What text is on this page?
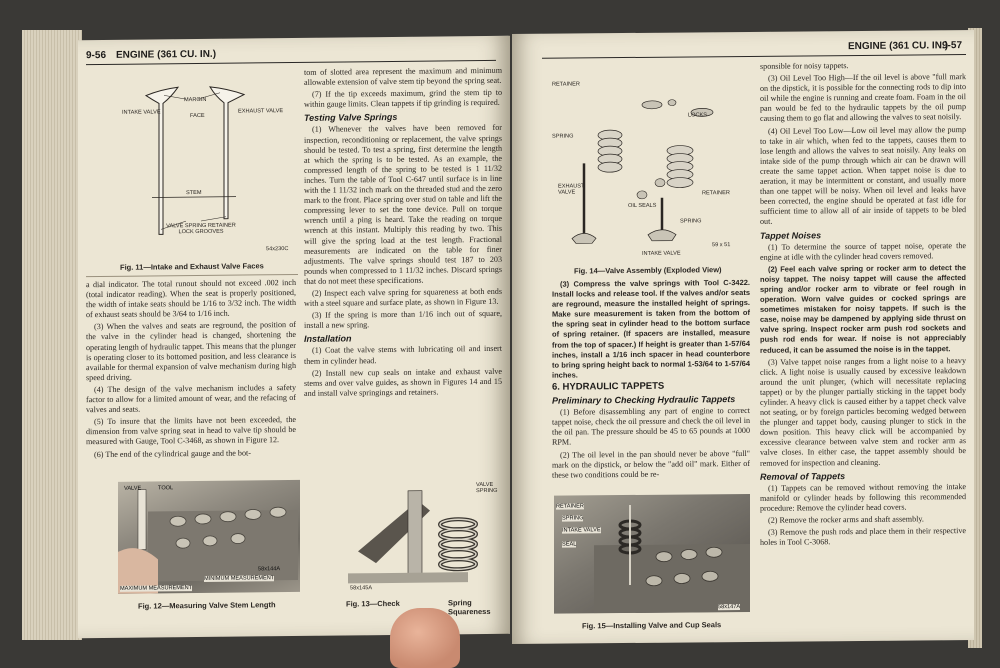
9-56 ENGINE (361 CU. IN.)
INTAKE VALVE
MARGIN
EXHAUST VALVE
FACE
STEM
VALVE SPRING RETAINER LOCK GROOVES
54x230C
Fig. 11—Intake and Exhaust Valve Faces

a dial indicator. The total runout should not exceed .002 inch (total indicator reading). When the seat is properly positioned, the width of intake seats should be 1/16 to 3/32 inch. The width of exhaust seats should be 3/64 to 1/16 inch.

(3) When the valves and seats are reground, the position of the valve in the cylinder head is changed, shortening the operating length of hydraulic tappet. This means that the plunger is operating closer to its bottomed position, and less clearance is available for thermal expansion of valve mechanism during high speed driving.

(4) The design of the valve mechanism includes a safety factor to allow for a limited amount of wear, and the refacing of valves and seats.

(5) To insure that the limits have not been exceeded, the dimension from valve spring seat in head to valve tip should be measured with Gauge, Tool C-3468, as shown in Figure 12.

(6) The end of the cylindrical gauge and the bot-

tom of slotted area represent the maximum and minimum allowable extension of valve stem tip beyond the spring seat.

(7) If the tip exceeds maximum, grind the stem tip to within gauge limits. Clean tappets if tip grinding is required.

Testing Valve Springs

(1) Whenever the valves have been removed for inspection, reconditioning or replacement, the valve springs should be tested. To test a spring, first determine the length at which the spring is to be tested. As an example, the compressed length of the spring to be tested is 1 11/32 inches. Turn the table of Tool C-647 until surface is in line with the 1 11/32 inch mark on the threaded stud and the zero mark to the front. Place spring over stud on table and lift the compressing lever to set the tone device. Pull on torque wrench until a ping is heard. Take the reading on torque wrench at this instant. Multiply this reading by two. This will give the spring load at the test length. Fractional measurements are indicated on the table for finer adjustments. The valve springs should test 187 to 203 pounds when compressed to 1 11/32 inches. Discard springs that do not meet these specifications.

(2) Inspect each valve spring for squareness at both ends with a steel square and surface plate, as shown in Figure 13.

(3) If the spring is more than 1/16 inch out of square, install a new spring.

Installation

(1) Coat the valve stems with lubricating oil and insert them in cylinder head.

(2) Install new cup seals on intake and exhaust valve stems and over valve guides, as shown in Figures 14 and 15 and install valve springings and retainers.

VALVE	TOOL
MINIMUM MEASUREMENT
MAXIMUM MEASUREMENT
58x144A
Fig. 12—Measuring Valve Stem Length
VALVE SPRING
58x145A
Fig. 13—Check	Spring Squareness
ENGINE (361 CU. IN.)
9-57
RETAINER
LOCKS
SPRING
EXHAUST VALVE
OIL SEALS
RETAINER
SPRING
INTAKE VALVE
59 x 51
Fig. 14—Valve Assembly (Exploded View)

(3) Compress the valve springs with Tool C-3422. Install locks and release tool. If the valves and/or seats are reground, measure the installed height of springs. Make sure measurement is taken from the bottom of the spring seat in cylinder head to the bottom surface of spring retainer. (If spacers are installed, measure from the top of spacer.) If height is greater than 1-57/64 inches, install a 1/16 inch spacer in head counterbore to bring spring height back to normal 1-53/64 to 1-57/64 inches.

6. HYDRAULIC TAPPETS
Preliminary to Checking Hydraulic Tappets

(1) Before disassembling any part of engine to correct tappet noise, check the oil pressure and check the oil level in the oil pan. The pressure should be 45 to 65 pounds at 1000 RPM.

(2) The oil level in the pan should never be above "full" mark on the dipstick, or below the "add oil" mark. Either of these two conditions could be re-

RETAINER
SPRING
INTAKE VALVE
SEAL
58x147A
Fig. 15—Installing Valve and Cup Seals

sponsible for noisy tappets.

(3) Oil Level Too High—If the oil level is above "full mark on the dipstick, it is possible for the connecting rods to dip into oil while the engine is running and create foam. Foam in the oil pan would be fed to the hydraulic tappets by the oil pump causing them to go flat and allowing the valves to seat noisily.

(4) Oil Level Too Low—Low oil level may allow the pump to take in air which, when fed to the tappets, causes them to lose length and allows the valves to seat noisily. Any leaks on intake side of the pump through which air can be drawn will create the same tappet action. When tappet noise is due to aeration, it may be intermittent or constant, and usually more than one tappet will be noisy. When oil level and leaks have been corrected, the engine should be operated at fast idle for sufficient time to allow all of air inside of tappets to be bled out.

Tappet Noises

(1) To determine the source of tappet noise, operate the engine at idle with the cylinder head covers removed.

(2) Feel each valve spring or rocker arm to detect the noisy tappet. The noisy tappet will cause the affected spring and/or rocker arm to vibrate or feel rough in operation. Worn valve guides or cocked springs are sometimes mistaken for noisy tappets. If such is the case, noise may be dampened by applying side thrust on valve spring. Inspect rocker arm push rod sockets and push rod ends for wear. If noise is not appreciably reduced, it can be assumed the noise is in the tappet.

(3) Valve tappet noise ranges from a light noise to a heavy click. A light noise is usually caused by excessive leakdown around the unit plunger, (which will necessitate replacing tappet) or by the plunger partially sticking in the tappet body cylinder. A heavy click is caused either by a tappet check valve not seating, or by foreign particles becoming wedged between the plunger and tappet body, causing plunger to stick in the down position. This heavy click will be accompanied by excessive clearance between valve stem and rocker arm as valve closes. In either case, the tappet assembly should be removed for inspection and cleaning.

Removal of Tappets

(1) Tappets can be removed without removing the intake manifold or cylinder heads by following this recommended procedure: Remove the cylinder head covers.

(2) Remove the rocker arms and shaft assembly.

(3) Remove the push rods and place them in their respective holes in Tool C-3068.
